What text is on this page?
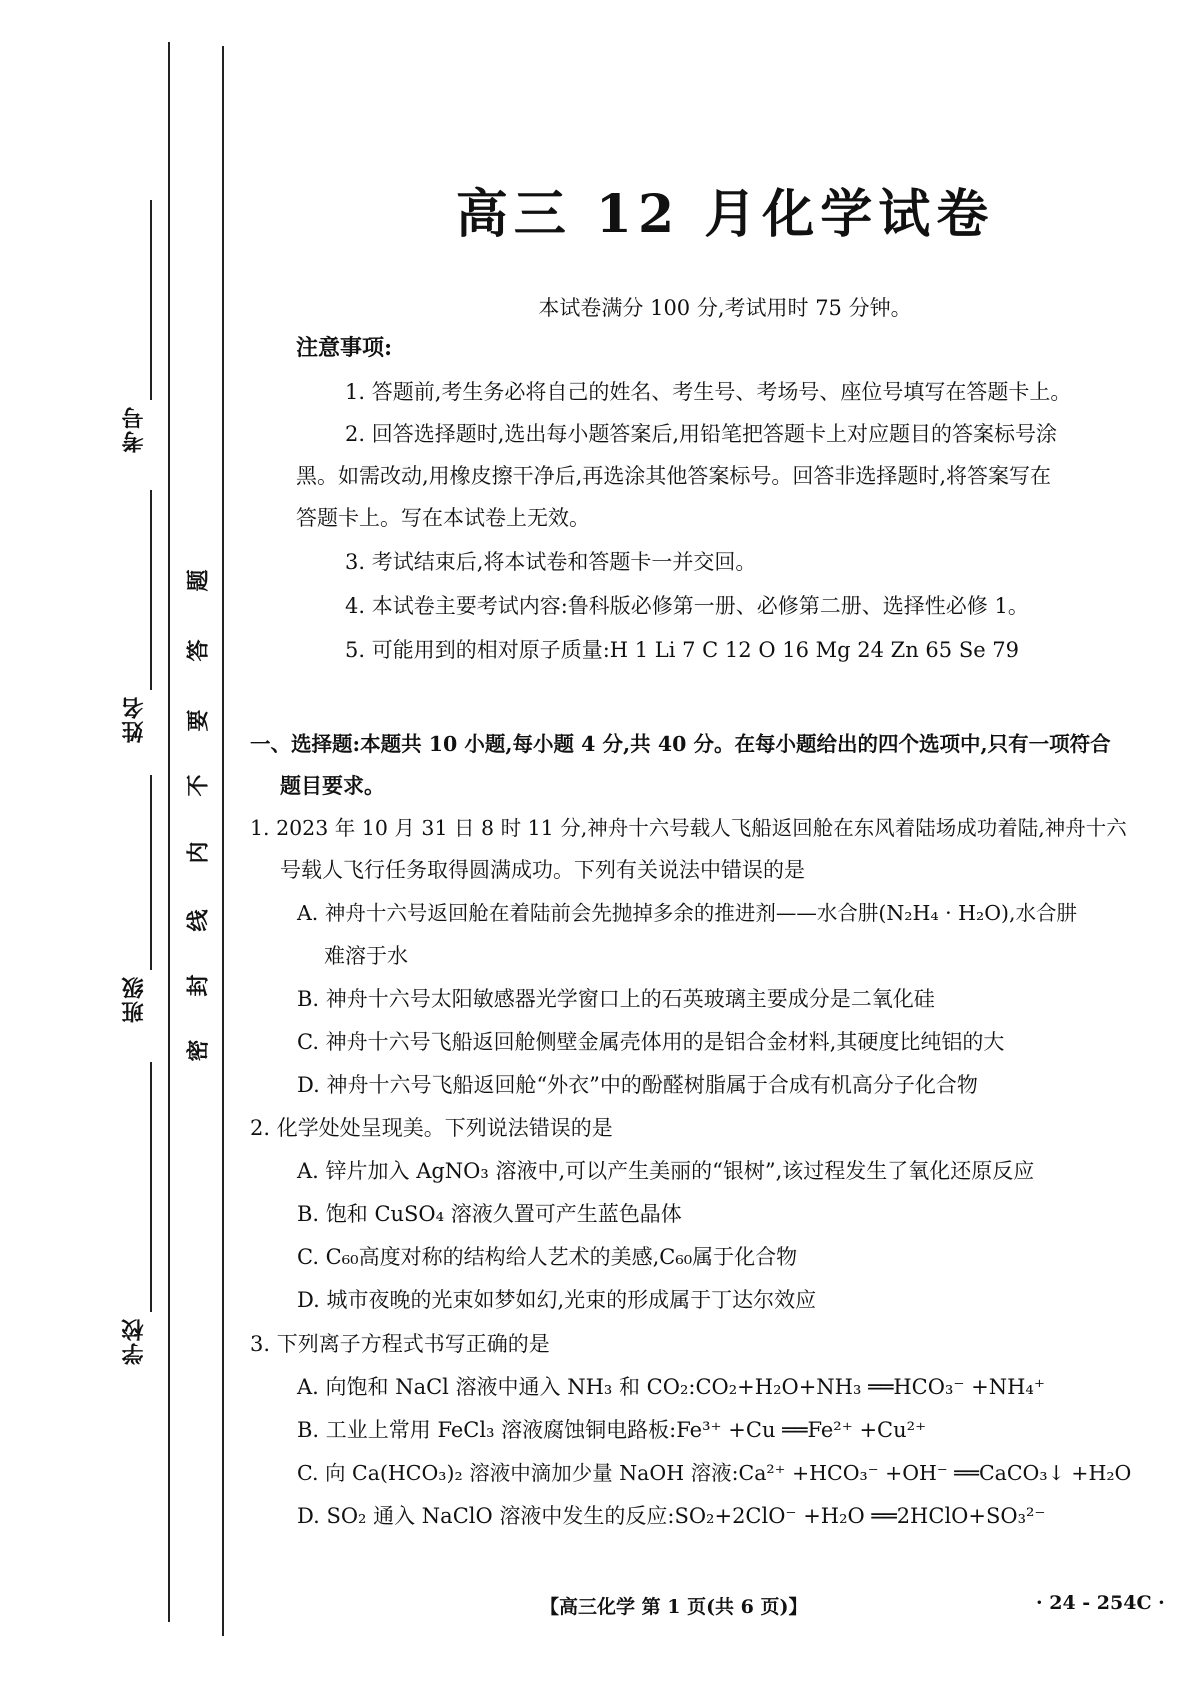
考号
姓名
班级
学校
题
答
要
不
内
线
封
密
高三 12 月化学试卷
本试卷满分 100 分,考试用时 75 分钟。
注意事项:
1. 答题前,考生务必将自己的姓名、考生号、考场号、座位号填写在答题卡上。
2. 回答选择题时,选出每小题答案后,用铅笔把答题卡上对应题目的答案标号涂
黑。如需改动,用橡皮擦干净后,再选涂其他答案标号。回答非选择题时,将答案写在
答题卡上。写在本试卷上无效。
3. 考试结束后,将本试卷和答题卡一并交回。
4. 本试卷主要考试内容:鲁科版必修第一册、必修第二册、选择性必修 1。
5. 可能用到的相对原子质量:H 1 Li 7 C 12 O 16 Mg 24 Zn 65 Se 79
一、选择题:本题共 10 小题,每小题 4 分,共 40 分。在每小题给出的四个选项中,只有一项符合
题目要求。
1. 2023 年 10 月 31 日 8 时 11 分,神舟十六号载人飞船返回舱在东风着陆场成功着陆,神舟十六
号载人飞行任务取得圆满成功。下列有关说法中错误的是
A. 神舟十六号返回舱在着陆前会先抛掉多余的推进剂——水合肼(N₂H₄ · H₂O),水合肼
难溶于水
B. 神舟十六号太阳敏感器光学窗口上的石英玻璃主要成分是二氧化硅
C. 神舟十六号飞船返回舱侧壁金属壳体用的是铝合金材料,其硬度比纯铝的大
D. 神舟十六号飞船返回舱“外衣”中的酚醛树脂属于合成有机高分子化合物
2. 化学处处呈现美。下列说法错误的是
A. 锌片加入 AgNO₃ 溶液中,可以产生美丽的“银树”,该过程发生了氧化还原反应
B. 饱和 CuSO₄ 溶液久置可产生蓝色晶体
C. C₆₀高度对称的结构给人艺术的美感,C₆₀属于化合物
D. 城市夜晚的光束如梦如幻,光束的形成属于丁达尔效应
3. 下列离子方程式书写正确的是
A. 向饱和 NaCl 溶液中通入 NH₃ 和 CO₂:CO₂+H₂O+NH₃ ══HCO₃⁻ +NH₄⁺
B. 工业上常用 FeCl₃ 溶液腐蚀铜电路板:Fe³⁺ +Cu ══Fe²⁺ +Cu²⁺
C. 向 Ca(HCO₃)₂ 溶液中滴加少量 NaOH 溶液:Ca²⁺ +HCO₃⁻ +OH⁻ ══CaCO₃↓ +H₂O
D. SO₂ 通入 NaClO 溶液中发生的反应:SO₂+2ClO⁻ +H₂O ══2HClO+SO₃²⁻
【高三化学 第 1 页(共 6 页)】	· 24 - 254C ·
